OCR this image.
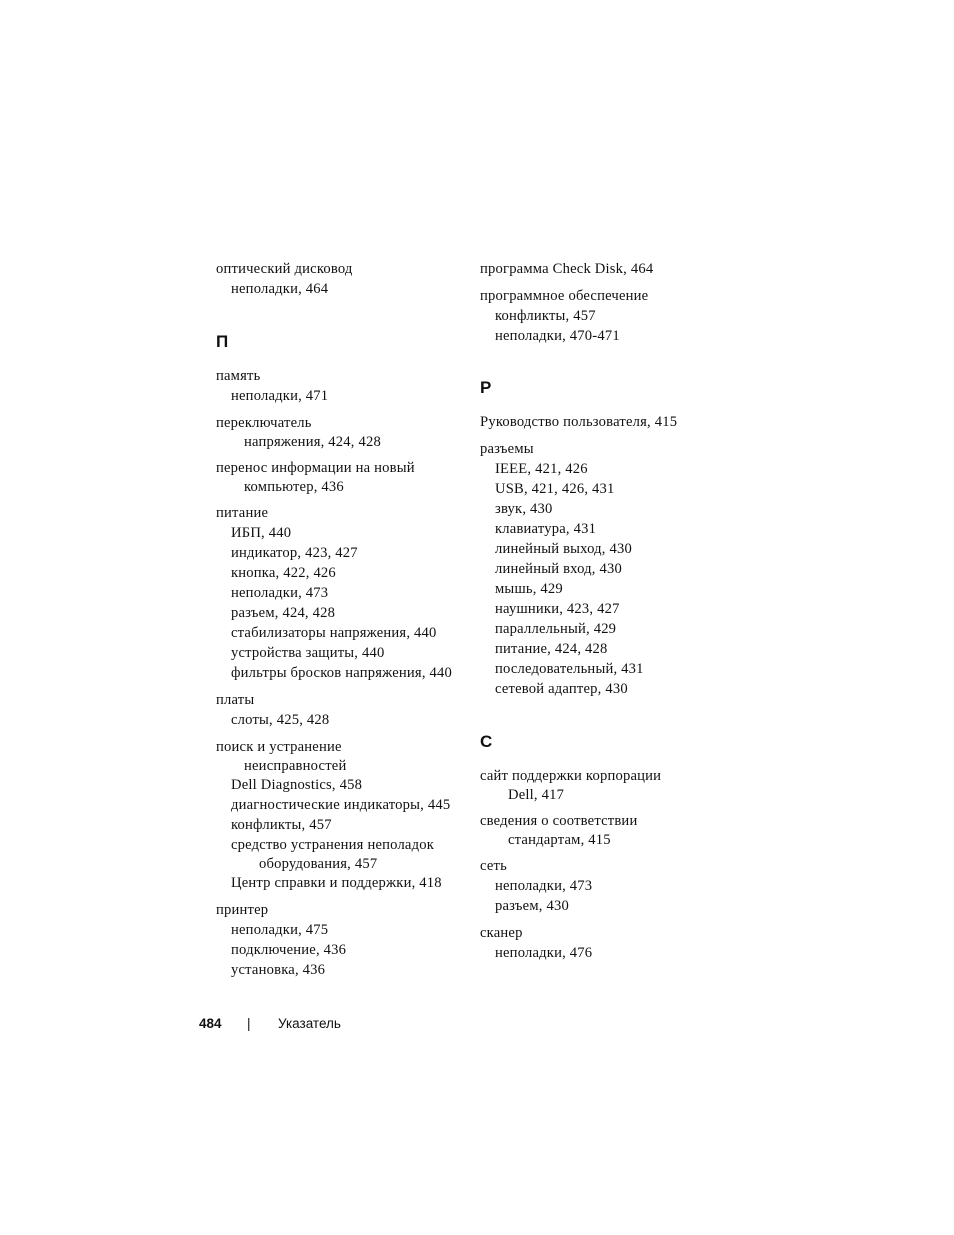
оптический дисковод
неполадки, 464
П
память
неполадки, 471
переключатель
напряжения, 424, 428
перенос информации на новый
компьютер, 436
питание
ИБП, 440
индикатор, 423, 427
кнопка, 422, 426
неполадки, 473
разъем, 424, 428
стабилизаторы напряжения, 440
устройства защиты, 440
фильтры бросков напряжения, 440
платы
слоты, 425, 428
поиск и устранение
неисправностей
Dell Diagnostics, 458
диагностические индикаторы, 445
конфликты, 457
средство устранения неполадок
оборудования, 457
Центр справки и поддержки, 418
принтер
неполадки, 475
подключение, 436
установка, 436
программа Check Disk, 464
программное обеспечение
конфликты, 457
неполадки, 470-471
Р
Руководство пользователя, 415
разъемы
IEEE, 421, 426
USB, 421, 426, 431
звук, 430
клавиатура, 431
линейный выход, 430
линейный вход, 430
мышь, 429
наушники, 423, 427
параллельный, 429
питание, 424, 428
последовательный, 431
сетевой адаптер, 430
С
сайт поддержки корпорации
Dell, 417
сведения о соответствии
стандартам, 415
сеть
неполадки, 473
разъем, 430
сканер
неполадки, 476
484 | Указатель
